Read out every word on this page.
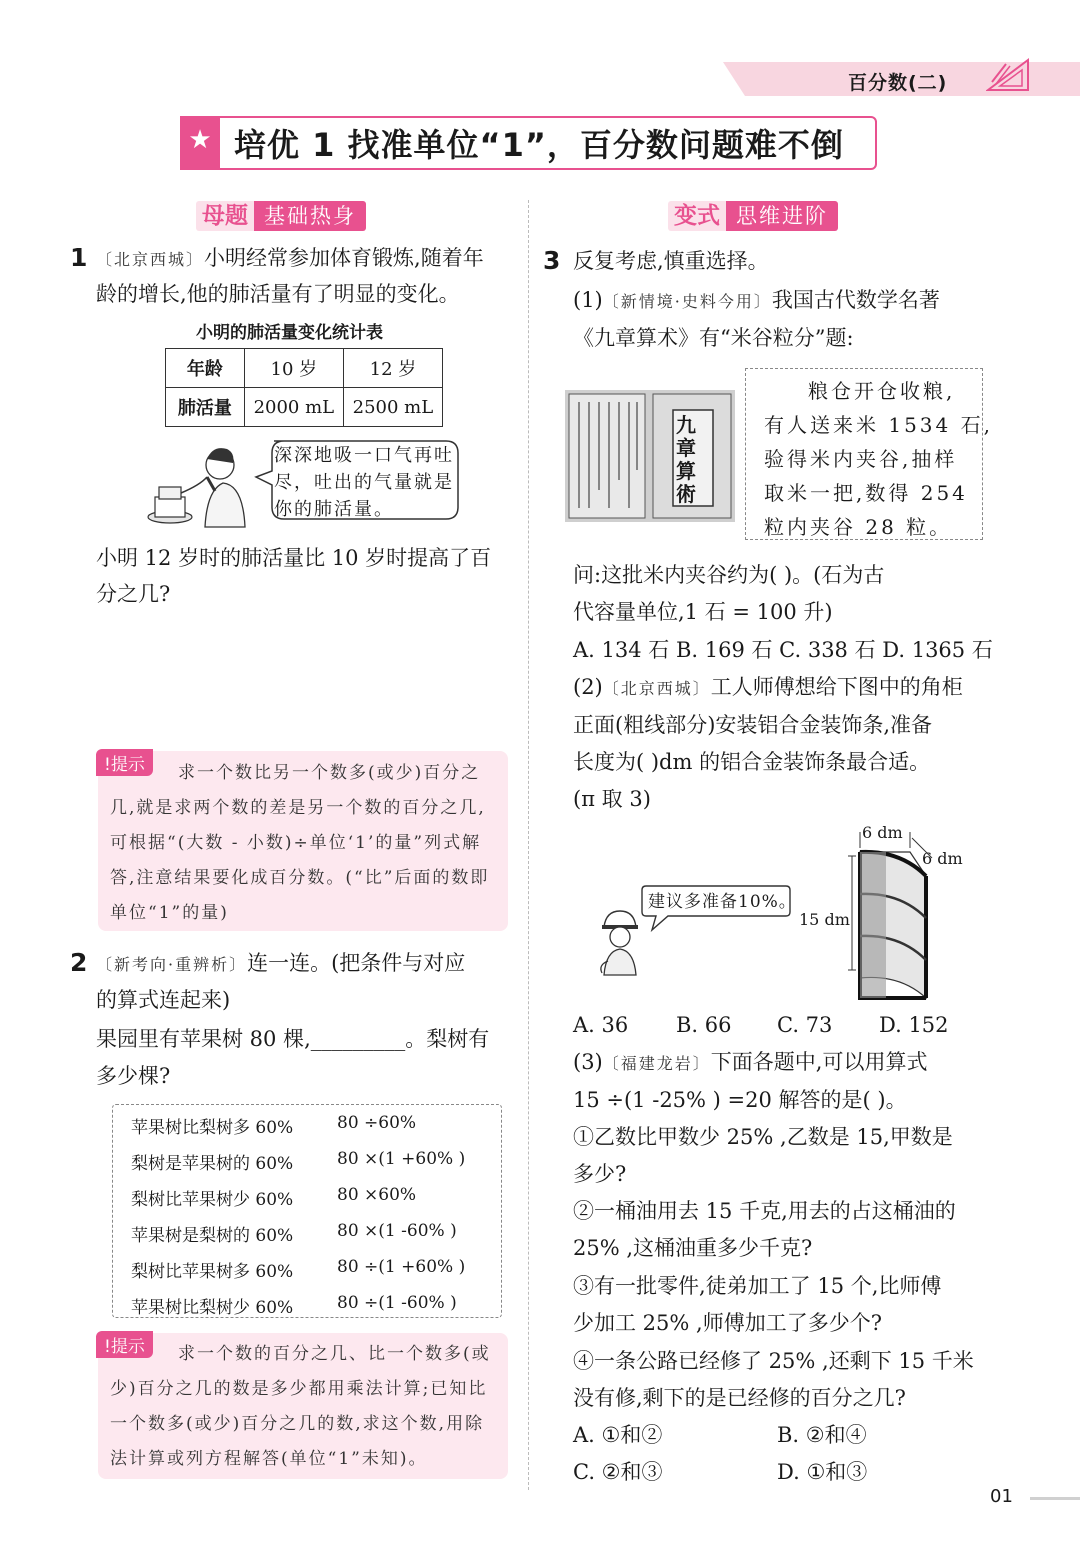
百分数(二)
★ 培优 1 找准单位“1”，百分数问题难不倒
母题 基础热身	变式 思维进阶
1 〔北京西城〕小明经常参加体育锻炼,随着年
龄的增长,他的肺活量有了明显的变化。
小明的肺活量变化统计表
年龄	10 岁	12 岁
肺活量	2000 mL	2500 mL
深深地吸一口气再吐
尽，吐出的气量就是
你的肺活量。
小明 12 岁时的肺活量比 10 岁时提高了百
分之几?
!提示	求一个数比另一个数多(或少)百分之
几,就是求两个数的差是另一个数的百分之几,
可根据“(大数 - 小数)÷单位‘1’的量”列式解
答,注意结果要化成百分数。(“比”后面的数即
单位“1”的量)
2 〔新考向·重辨析〕连一连。(把条件与对应
的算式连起来)
果园里有苹果树 80 棵,_________。梨树有
多少棵?
苹果树比梨树多 60%
梨树是苹果树的 60%
梨树比苹果树少 60%
苹果树是梨树的 60%
梨树比苹果树多 60%
苹果树比梨树少 60%
80 ÷60%
80 ×(1 +60% )
80 ×60%
80 ×(1 -60% )
80 ÷(1 +60% )
80 ÷(1 -60% )
!提示	求一个数的百分之几、比一个数多(或
少)百分之几的数是多少都用乘法计算;已知比
一个数多(或少)百分之几的数,求这个数,用除
法计算或列方程解答(单位“1”未知)。
3 反复考虑,慎重选择。
(1)〔新情境·史料今用〕我国古代数学名著
《九章算术》有“米谷粒分”题:
九章算術
粮仓开仓收粮,
有人送来米 1534 石,
验得米内夹谷,抽样
取米一把,数得 254
粒内夹谷 28 粒。
问:这批米内夹谷约为( )。(石为古
代容量单位,1 石 = 100 升)
A. 134 石 B. 169 石 C. 338 石 D. 1365 石
(2)〔北京西城〕工人师傅想给下图中的角柜
正面(粗线部分)安装铝合金装饰条,准备
长度为( )dm 的铝合金装饰条最合适。
(π 取 3)
建议多准备10%。
6 dm
6 dm
15 dm
A. 36 B. 66 C. 73 D. 152
(3)〔福建龙岩〕下面各题中,可以用算式
15 ÷(1 -25% ) =20 解答的是( )。
①乙数比甲数少 25% ,乙数是 15,甲数是
多少?
②一桶油用去 15 千克,用去的占这桶油的
25% ,这桶油重多少千克?
③有一批零件,徒弟加工了 15 个,比师傅
少加工 25% ,师傅加工了多少个?
④一条公路已经修了 25% ,还剩下 15 千米
没有修,剩下的是已经修的百分之几?
A. ①和②	B. ②和④
C. ②和③	D. ①和③
01
